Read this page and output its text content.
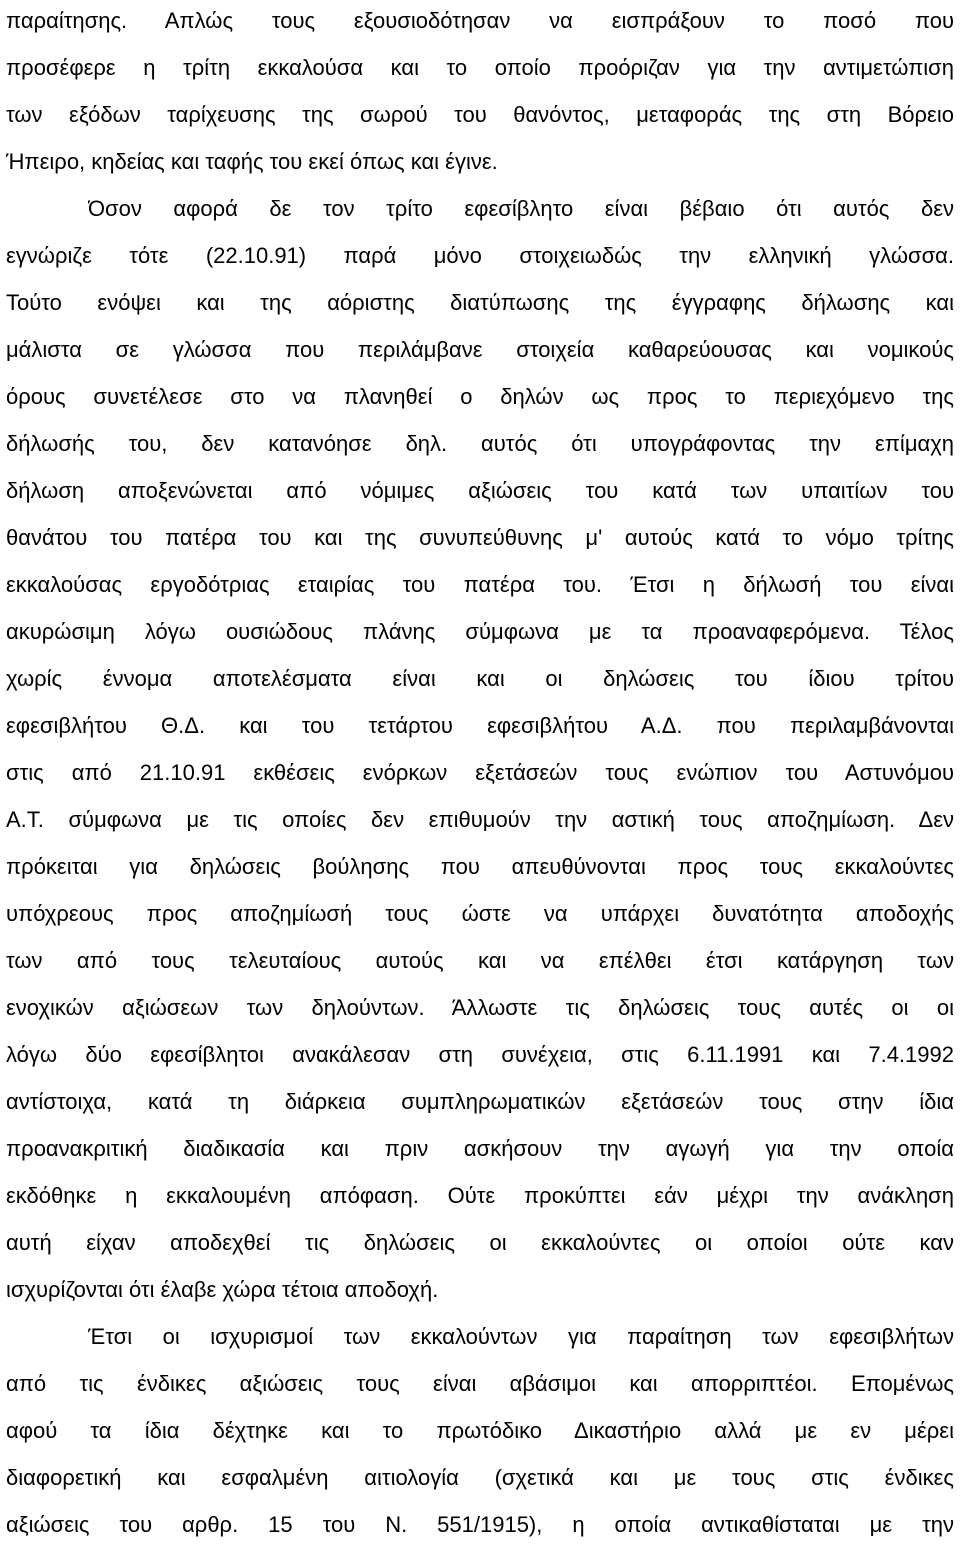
παραίτησης. Απλώς τους εξουσιοδότησαν να εισπράξουν το ποσό που
προσέφερε η τρίτη εκκαλούσα και το οποίο προόριζαν για την αντιμετώπιση
των εξόδων ταρίχευσης της σωρού του θανόντος, μεταφοράς της στη Βόρειο
Ήπειρο, κηδείας και ταφής του εκεί όπως και έγινε.
Όσον αφορά δε τον τρίτο εφεσίβλητο είναι βέβαιο ότι αυτός δεν
εγνώριζε τότε (22.10.91) παρά μόνο στοιχειωδώς την ελληνική γλώσσα.
Τούτο ενόψει και της αόριστης διατύπωσης της έγγραφης δήλωσης και
μάλιστα σε γλώσσα που περιλάμβανε στοιχεία καθαρεύουσας και νομικούς
όρους συνετέλεσε στο να πλανηθεί ο δηλών ως προς το περιεχόμενο της
δήλωσής του, δεν κατανόησε δηλ. αυτός ότι υπογράφοντας την επίμαχη
δήλωση αποξενώνεται από νόμιμες αξιώσεις του κατά των υπαιτίων του
θανάτου του πατέρα του και της συνυπεύθυνης μ' αυτούς κατά το νόμο τρίτης
εκκαλούσας εργοδότριας εταιρίας του πατέρα του. Έτσι η δήλωσή του είναι
ακυρώσιμη λόγω ουσιώδους πλάνης σύμφωνα με τα προαναφερόμενα. Τέλος
χωρίς έννομα αποτελέσματα είναι και οι δηλώσεις του ίδιου τρίτου
εφεσιβλήτου Θ.Δ. και του τετάρτου εφεσιβλήτου Α.Δ. που περιλαμβάνονται
στις από 21.10.91 εκθέσεις ενόρκων εξετάσεών τους ενώπιον του Αστυνόμου
Α.Τ. σύμφωνα με τις οποίες δεν επιθυμούν την αστική τους αποζημίωση. Δεν
πρόκειται για δηλώσεις βούλησης που απευθύνονται προς τους εκκαλούντες
υπόχρεους προς αποζημίωσή τους ώστε να υπάρχει δυνατότητα αποδοχής
των από τους τελευταίους αυτούς και να επέλθει έτσι κατάργηση των
ενοχικών αξιώσεων των δηλούντων. Άλλωστε τις δηλώσεις τους αυτές οι οι
λόγω δύο εφεσίβλητοι ανακάλεσαν στη συνέχεια, στις 6.11.1991 και 7.4.1992
αντίστοιχα, κατά τη διάρκεια συμπληρωματικών εξετάσεών τους στην ίδια
προανακριτική διαδικασία και πριν ασκήσουν την αγωγή για την οποία
εκδόθηκε η εκκαλουμένη απόφαση. Ούτε προκύπτει εάν μέχρι την ανάκληση
αυτή είχαν αποδεχθεί τις δηλώσεις οι εκκαλούντες οι οποίοι ούτε καν
ισχυρίζονται ότι έλαβε χώρα τέτοια αποδοχή.
Έτσι οι ισχυρισμοί των εκκαλούντων για παραίτηση των εφεσιβλήτων
από τις ένδικες αξιώσεις τους είναι αβάσιμοι και απορριπτέοι. Επομένως
αφού τα ίδια δέχτηκε και το πρωτόδικο Δικαστήριο αλλά με εν μέρει
διαφορετική και εσφαλμένη αιτιολογία (σχετικά και με τους στις ένδικες
αξιώσεις του αρθρ. 15 του Ν. 551/1915), η οποία αντικαθίσταται με την
